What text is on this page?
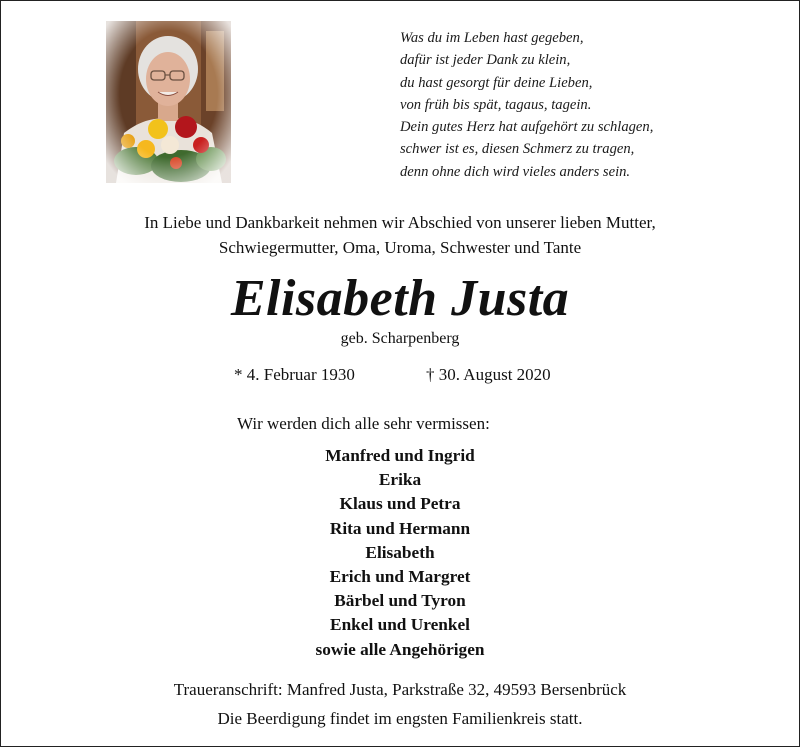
Was du im Leben hast gegeben,
dafür ist jeder Dank zu klein,
du hast gesorgt für deine Lieben,
von früh bis spät, tagaus, tagein.
Dein gutes Herz hat aufgehört zu schlagen,
schwer ist es, diesen Schmerz zu tragen,
denn ohne dich wird vieles anders sein.
In Liebe und Dankbarkeit nehmen wir Abschied von unserer lieben Mutter,
Schwiegermutter, Oma, Uroma, Schwester und Tante
Elisabeth Justa
geb. Scharpenberg
* 4. Februar 1930	† 30. August 2020
Wir werden dich alle sehr vermissen:
Manfred und Ingrid
Erika
Klaus und Petra
Rita und Hermann
Elisabeth
Erich und Margret
Bärbel und Tyron
Enkel und Urenkel
sowie alle Angehörigen
Traueranschrift: Manfred Justa, Parkstraße 32, 49593 Bersenbrück
Die Beerdigung findet im engsten Familienkreis statt.
